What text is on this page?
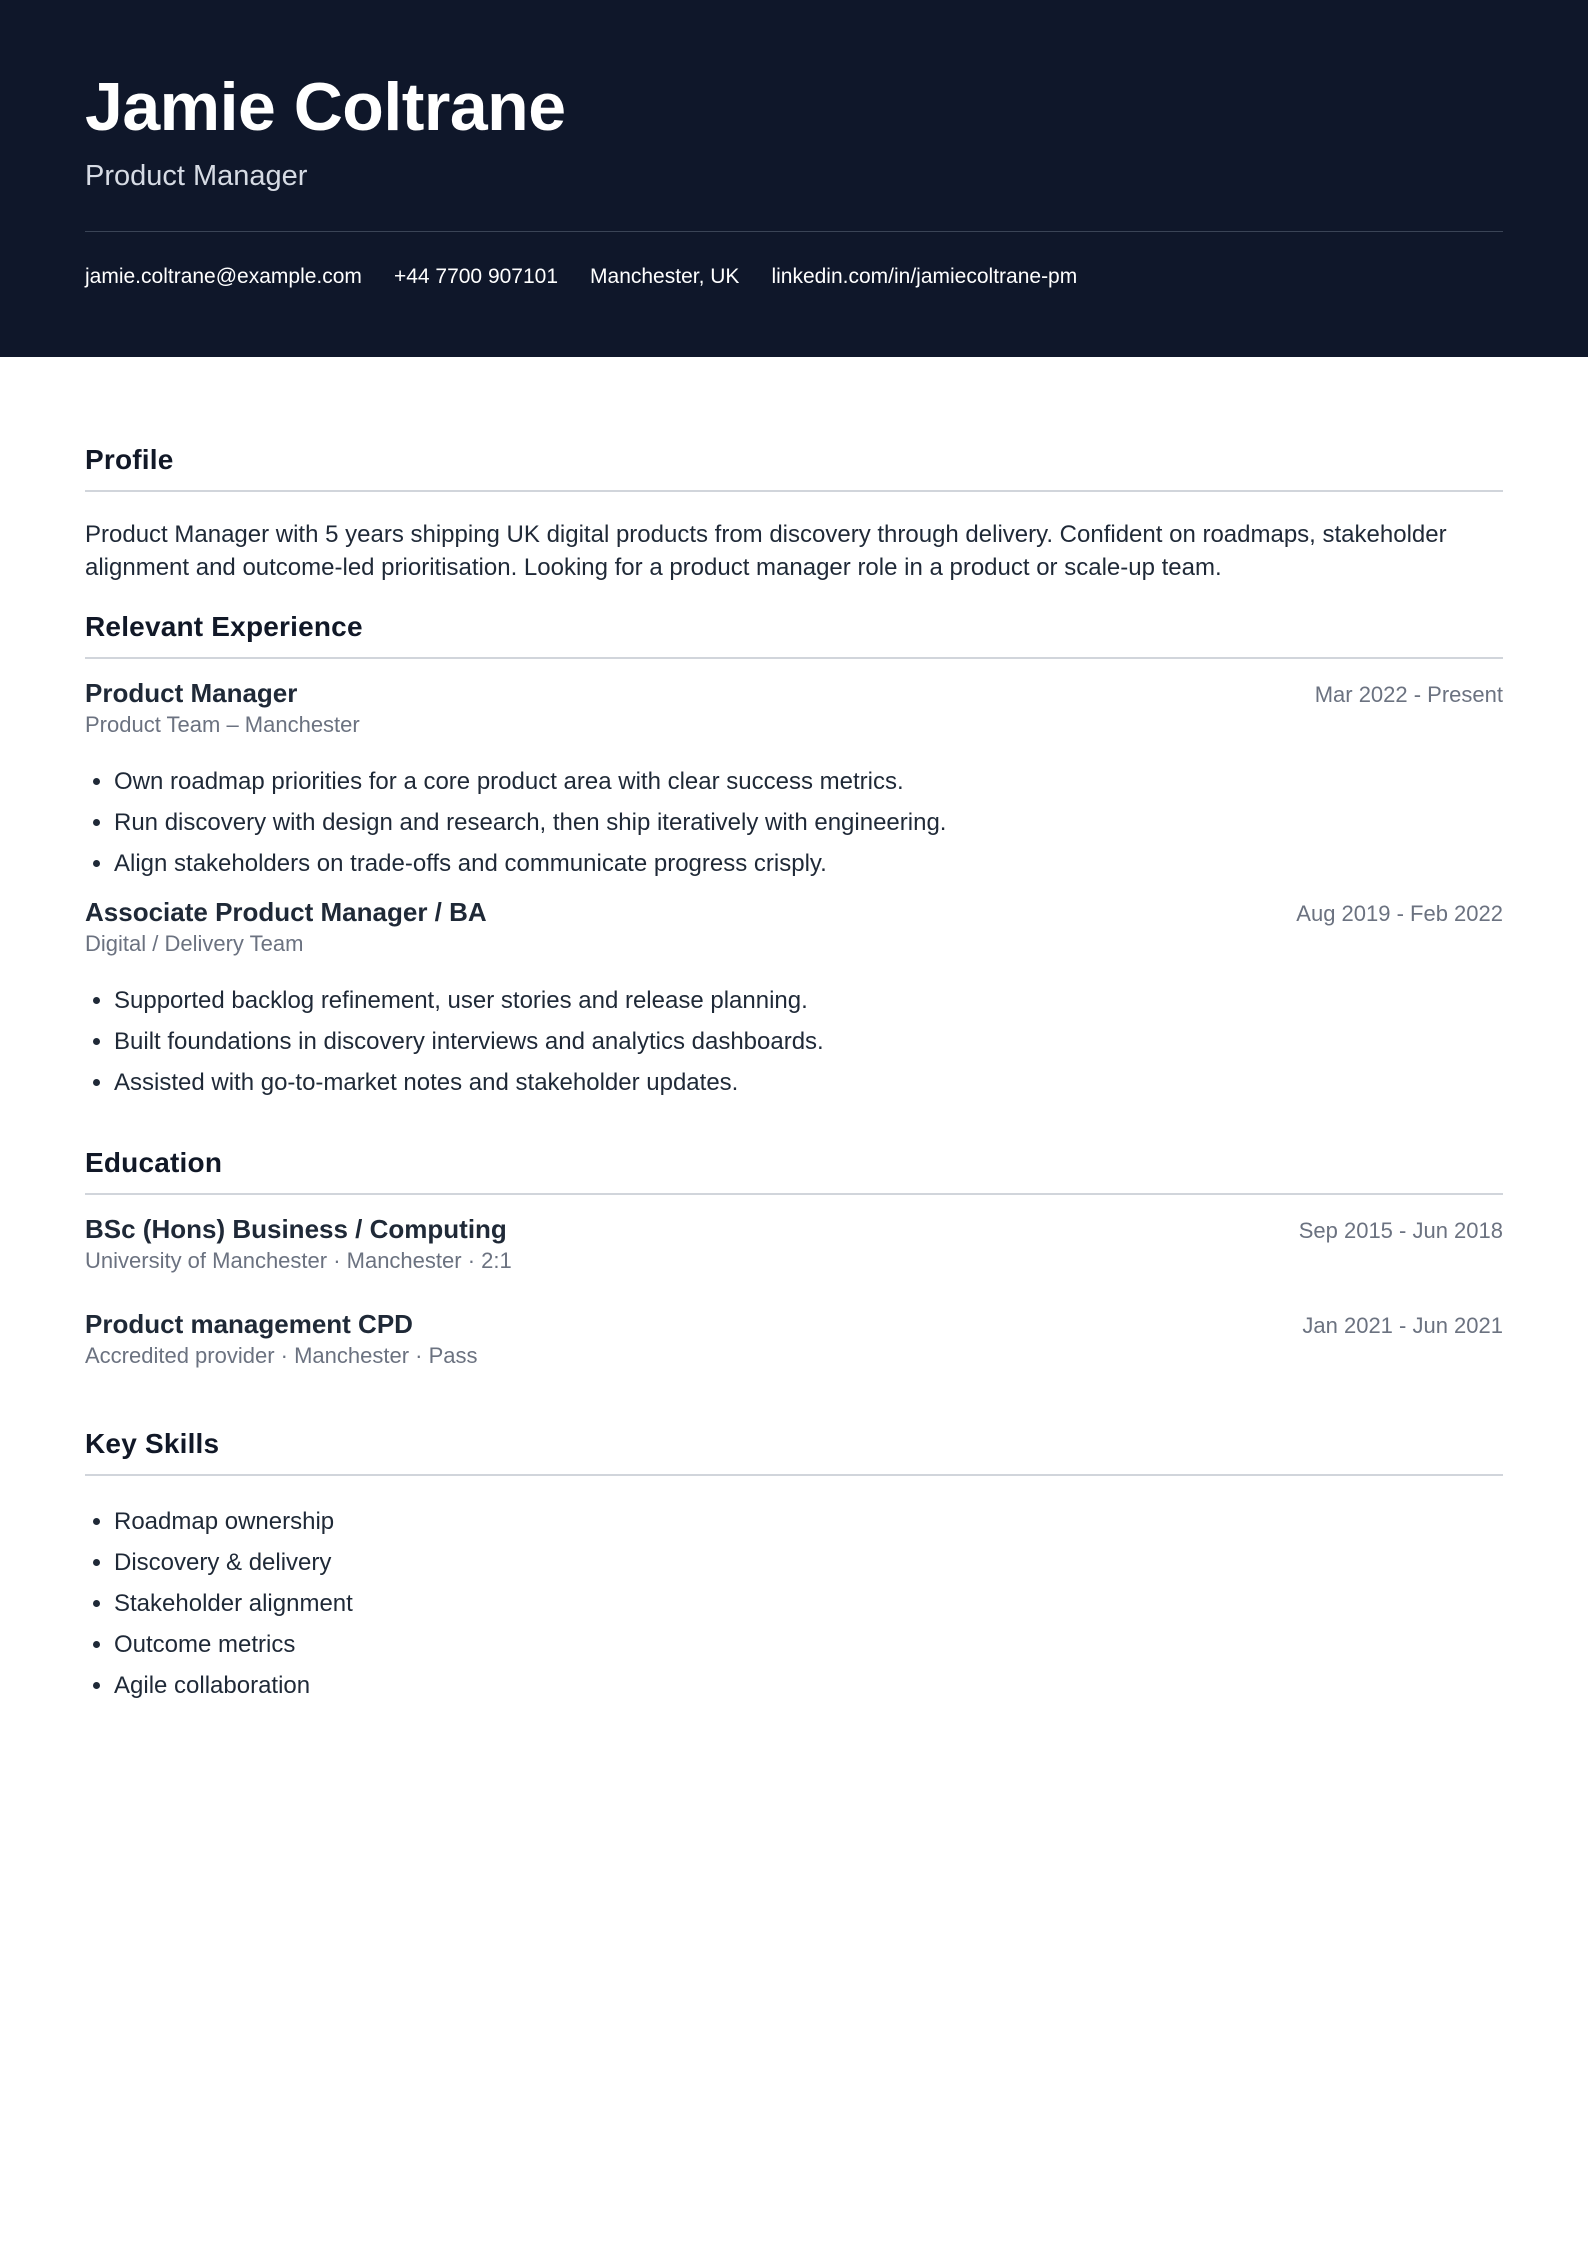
Jamie Coltrane
Product Manager
jamie.coltrane@example.com +44 7700 907101 Manchester, UK linkedin.com/in/jamiecoltrane-pm
Profile

Product Manager with 5 years shipping UK digital products from discovery through delivery. Confident on roadmaps, stakeholder alignment and outcome-led prioritisation. Looking for a product manager role in a product or scale-up team.

Relevant Experience
Product Manager	Mar 2022 - Present
Product Team – Manchester
• Own roadmap priorities for a core product area with clear success metrics.
• Run discovery with design and research, then ship iteratively with engineering.
• Align stakeholders on trade-offs and communicate progress crisply.
Associate Product Manager / BA	Aug 2019 - Feb 2022
Digital / Delivery Team
• Supported backlog refinement, user stories and release planning.
• Built foundations in discovery interviews and analytics dashboards.
• Assisted with go-to-market notes and stakeholder updates.
Education
BSc (Hons) Business / Computing	Sep 2015 - Jun 2018
University of Manchester · Manchester · 2:1
Product management CPD	Jan 2021 - Jun 2021
Accredited provider · Manchester · Pass
Key Skills
• Roadmap ownership
• Discovery & delivery
• Stakeholder alignment
• Outcome metrics
• Agile collaboration
